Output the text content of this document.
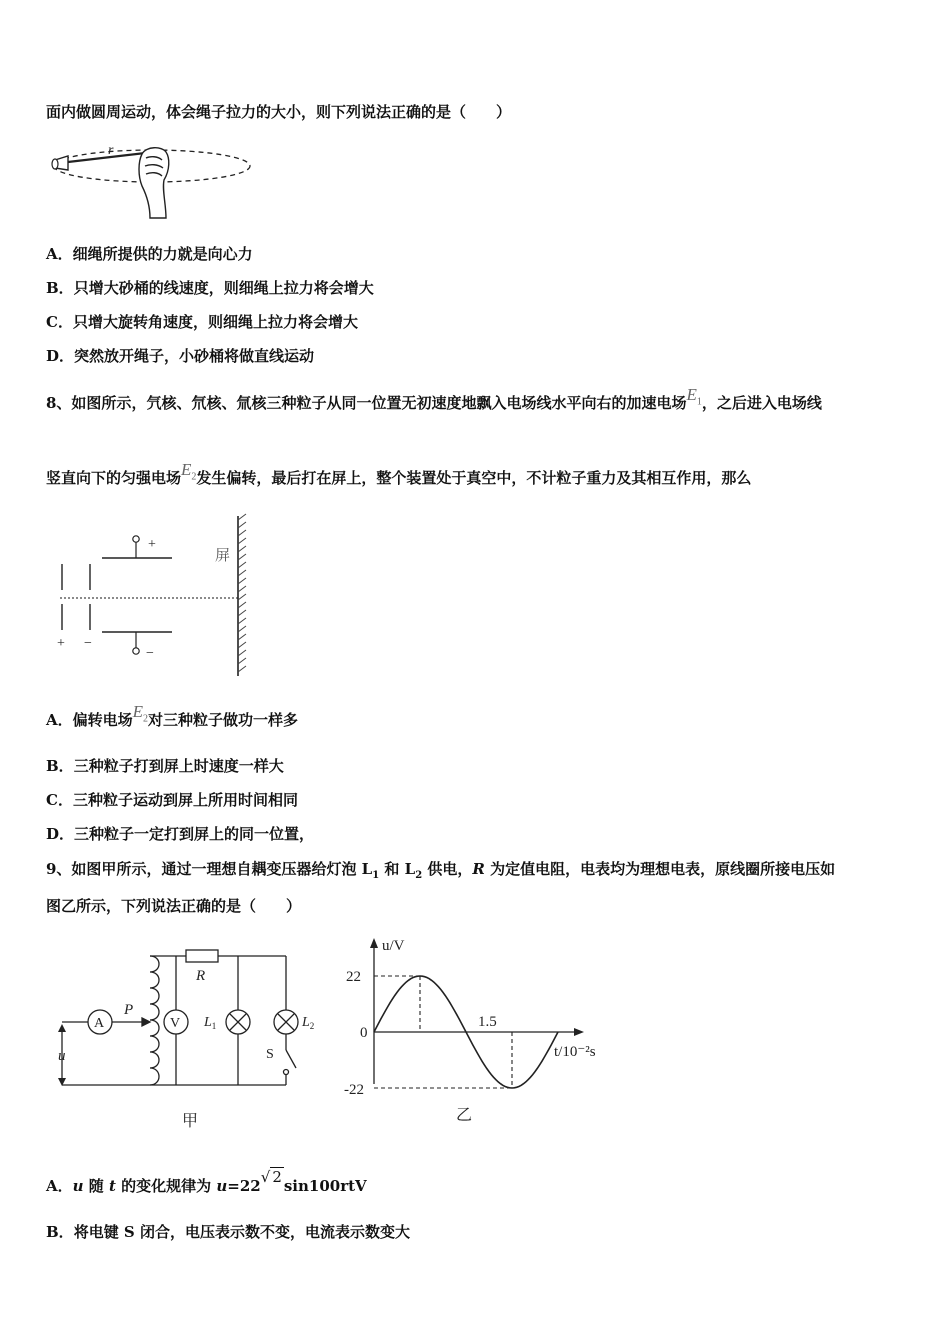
面内做圆周运动，体会绳子拉力的大小，则下列说法正确的是（　　）
r
A．细绳所提供的力就是向心力
B．只增大砂桶的线速度，则细绳上拉力将会增大
C．只增大旋转角速度，则细绳上拉力将会增大
D．突然放开绳子，小砂桶将做直线运动
8、如图所示，氕核、氘核、氚核三种粒子从同一位置无初速度地飘入电场线水平向右的加速电场$E_1$，之后进入电场线
竖直向下的匀强电场$E_2$发生偏转，最后打在屏上，整个装置处于真空中，不计粒子重力及其相互作用，那么
+ −
+
−
屏
A．偏转电场$E_2$对三种粒子做功一样多
B．三种粒子打到屏上时速度一样大
C．三种粒子运动到屏上所用时间相同
D．三种粒子一定打到屏上的同一位置，
9、如图甲所示，通过一理想自耦变压器给灯泡 $L_1$ 和 $L_2$ 供电，R 为定值电阻，电表均为理想电表，原线圈所接电压如
图乙所示，下列说法正确的是（　　）
A	V
P
R
$L_1$	$L_2$
S
u
甲
u/V
t/10⁻²s
22
0
-22
1.5
乙
A．u 随 t 的变化规律为 u=22√ 2 sin100rtV
B．将电键 S 闭合，电压表示数不变，电流表示数变大
